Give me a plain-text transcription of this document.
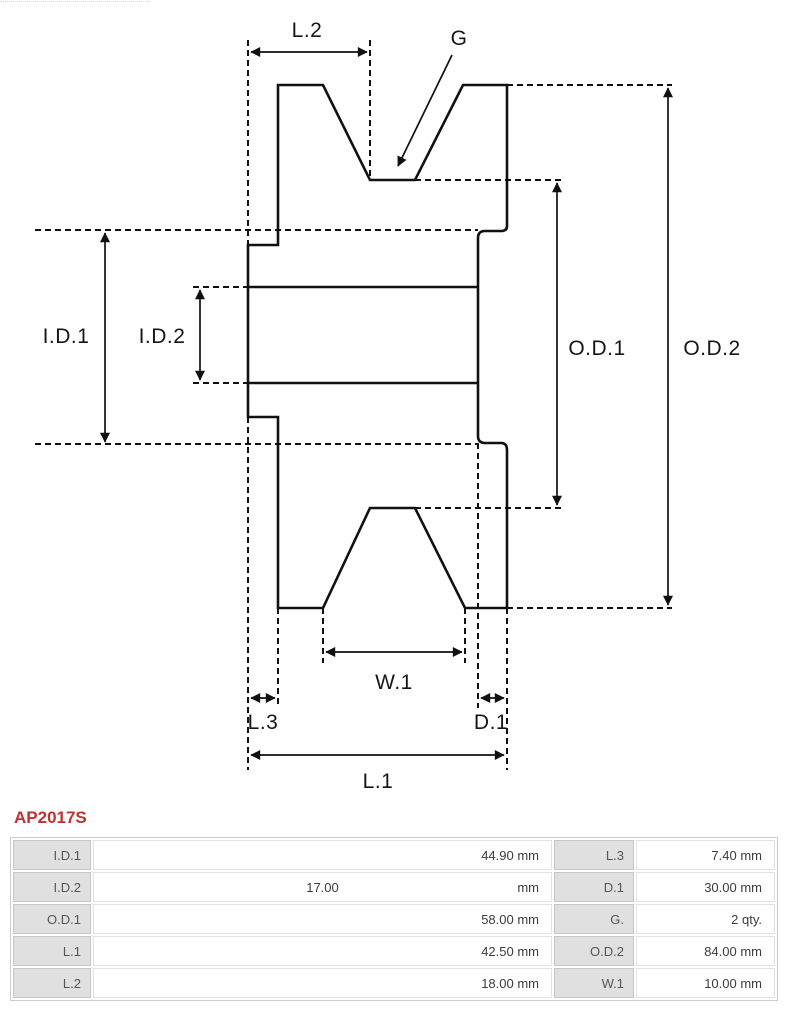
L.2	G
I.D.1 I.D.2
O.D.1	O.D.2
W.1
L.3	D.1
L.1
AP2017S
I.D.1	44.90 mm	L.3	7.40 mm
I.D.2	17.00	mm	D.1	30.00 mm
O.D.1	58.00 mm	G.	2 qty.
L.1	42.50 mm	O.D.2	84.00 mm
L.2	18.00 mm	W.1	10.00 mm
